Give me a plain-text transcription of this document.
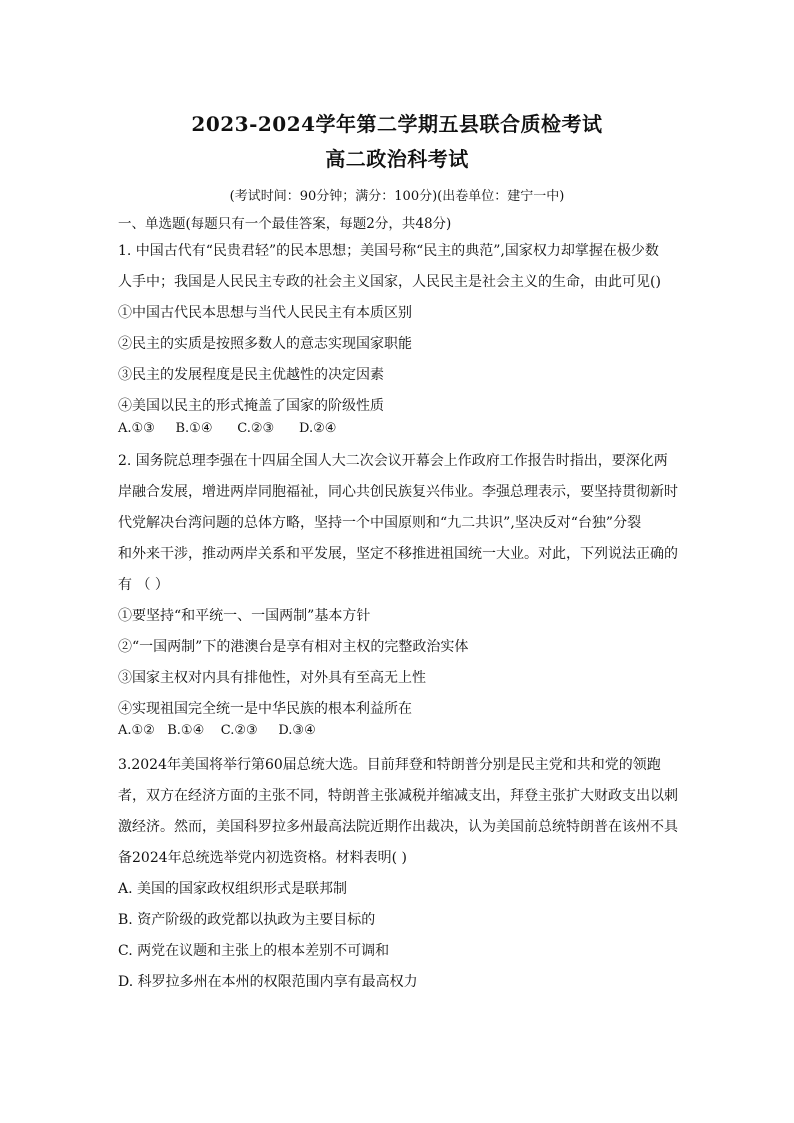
2023-2024学年第二学期五县联合质检考试
高二政治科考试
(考试时间：90分钟；满分：100分)(出卷单位：建宁一中)
一、单选题(每题只有一个最佳答案，每题2分，共48分)
1. 中国古代有“民贵君轻”的民本思想；美国号称“民主的典范”,国家权力却掌握在极少数
人手中；我国是人民民主专政的社会主义国家，人民民主是社会主义的生命，由此可见()
①中国古代民本思想与当代人民民主有本质区别
②民主的实质是按照多数人的意志实现国家职能
③民主的发展程度是民主优越性的决定因素
④美国以民主的形式掩盖了国家的阶级性质
A.①③     B.①④      C.②③      D.②④
2. 国务院总理李强在十四届全国人大二次会议开幕会上作政府工作报告时指出，要深化两
岸融合发展，增进两岸同胞福祉，同心共创民族复兴伟业。李强总理表示，要坚持贯彻新时
代党解决台湾问题的总体方略，坚持一个中国原则和“九二共识”,坚决反对“台独”分裂
和外来干涉，推动两岸关系和平发展，坚定不移推进祖国统一大业。对此，下列说法正确的
有 （ ）
①要坚持“和平统一、一国两制”基本方针
②“一国两制”下的港澳台是享有相对主权的完整政治实体
③国家主权对内具有排他性，对外具有至高无上性
④实现祖国完全统一是中华民族的根本利益所在
A.①②   B.①④    C.②③     D.③④
3.2024年美国将举行第60届总统大选。目前拜登和特朗普分别是民主党和共和党的领跑
者，双方在经济方面的主张不同，特朗普主张减税并缩减支出，拜登主张扩大财政支出以刺
激经济。然而，美国科罗拉多州最高法院近期作出裁决，认为美国前总统特朗普在该州不具
备2024年总统选举党内初选资格。材料表明( )
A. 美国的国家政权组织形式是联邦制
B. 资产阶级的政党都以执政为主要目标的
C. 两党在议题和主张上的根本差别不可调和
D. 科罗拉多州在本州的权限范围内享有最高权力
